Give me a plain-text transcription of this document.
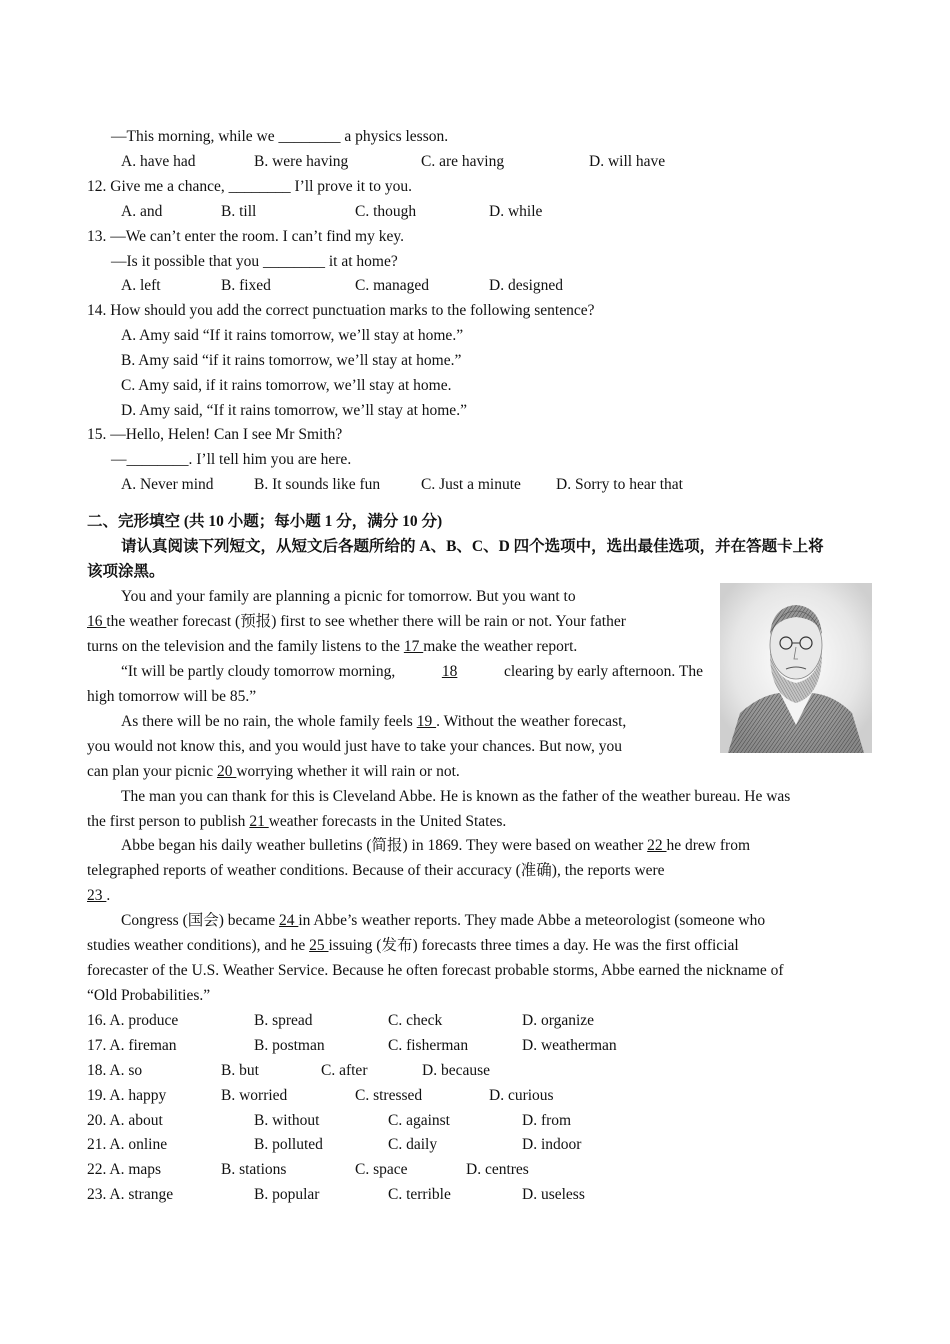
—This morning, while we ________ a physics lesson.
A. have had	B. were having	C. are having	D. will have
12. Give me a chance, ________ I’ll prove it to you.
A. and	B. till	C. though	D. while
13. —We can’t enter the room. I can’t find my key.
—Is it possible that you ________ it at home?
A. left	B. fixed	C. managed	D. designed
14. How should you add the correct punctuation marks to the following sentence?
A. Amy said “If it rains tomorrow, we’ll stay at home.”
B. Amy said “if it rains tomorrow, we’ll stay at home.”
C. Amy said, if it rains tomorrow, we’ll stay at home.
D. Amy said, “If it rains tomorrow, we’ll stay at home.”
15. —Hello, Helen! Can I see Mr Smith?
—________. I’ll tell him you are here.
A. Never mind	B. It sounds like fun	C. Just a minute D. Sorry to hear that
二、完形填空 (共 10 小题；每小题 1 分，满分 10 分)
请认真阅读下列短文，从短文后各题所给的 A、B、C、D 四个选项中，选出最佳选项，并在答题卡上将
该项涂黑。
You and your family are planning a picnic for tomorrow. But you want to
16 the weather forecast (预报) first to see whether there will be rain or not. Your father
turns on the television and the family listens to the 17 make the weather report.
“It will be partly cloudy tomorrow morning,	18	clearing by early afternoon. The
high tomorrow will be 85.”
As there will be no rain, the whole family feels 19 . Without the weather forecast,
you would not know this, and you would just have to take your chances. But now, you
can plan your picnic 20 worrying whether it will rain or not.
The man you can thank for this is Cleveland Abbe. He is known as the father of the weather bureau. He was
the first person to publish 21 weather forecasts in the United States.
Abbe began his daily weather bulletins (简报) in 1869. They were based on weather 22 he drew from
telegraphed reports of weather conditions. Because of their accuracy (准确), the reports were
23 .
Congress (国会) became 24 in Abbe’s weather reports. They made Abbe a meteorologist (someone who
studies weather conditions), and he 25 issuing (发布) forecasts three times a day. He was the first official
forecaster of the U.S. Weather Service. Because he often forecast probable storms, Abbe earned the nickname of
“Old Probabilities.”
16. A. produce	B. spread	C. check	D. organize
17. A. fireman	B. postman	C. fisherman	D. weatherman
18. A. so	B. but	C. after	D. because
19. A. happy	B. worried	C. stressed	D. curious
20. A. about	B. without	C. against	D. from
21. A. online	B. polluted	C. daily	D. indoor
22. A. maps	B. stations	C. space	D. centres
23. A. strange	B. popular	C. terrible	D. useless
